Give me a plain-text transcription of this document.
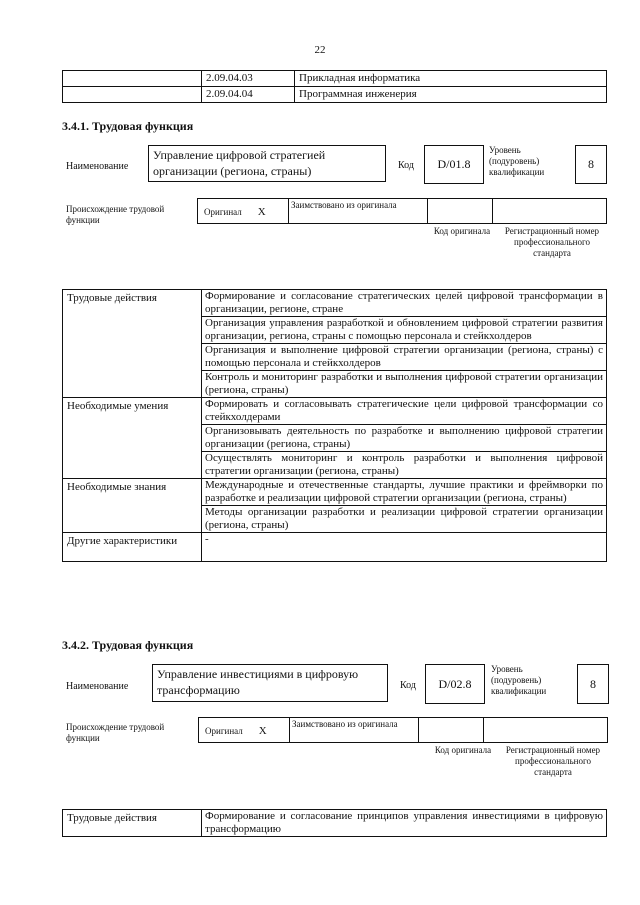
22
	2.09.04.03	Прикладная информатика
	2.09.04.04	Программная инженерия
3.4.1. Трудовая функция
Наименование
Управление цифровой стратегией организации (региона, страны)	Код	D/01.8
Уровень (подуровень) квалификации
8
Происхождение трудовой функции
Оригинал X	
Заимствовано из оригинала

Код оригинала	Регистрационный номер профессионального стандарта
Трудовые действия	Формирование и согласование стратегических целей цифровой трансформации в организации, регионе, стране
	Организация управления разработкой и обновлением цифровой стратегии развития организации, региона, страны с помощью персонала и стейкхолдеров
	Организация и выполнение цифровой стратегии организации (региона, страны) с помощью персонала и стейкхолдеров
	Контроль и мониторинг разработки и выполнения цифровой стратегии организации (региона, страны)
Необходимые умения	Формировать и согласовывать стратегические цели цифровой трансформации со стейкхолдерами
	Организовывать деятельность по разработке и выполнению цифровой стратегии организации (региона, страны)
	Осуществлять мониторинг и контроль разработки и выполнения цифровой стратегии организации (региона, страны)
Необходимые знания	Международные и отечественные стандарты, лучшие практики и фреймворки по разработке и реализации цифровой стратегии организации (региона, страны)
	Методы организации разработки и реализации цифровой стратегии организации (региона, страны)
Другие характеристики	-
3.4.2. Трудовая функция
Наименование
Управление инвестициями в цифровую трансформацию	Код	D/02.8
Уровень (подуровень) квалификации	8
Происхождение трудовой функции
Оригинал X	
Заимствовано из оригинала

Код оригинала	Регистрационный номер профессионального стандарта
Трудовые действия	Формирование и согласование принципов управления инвестициями в цифровую трансформацию
